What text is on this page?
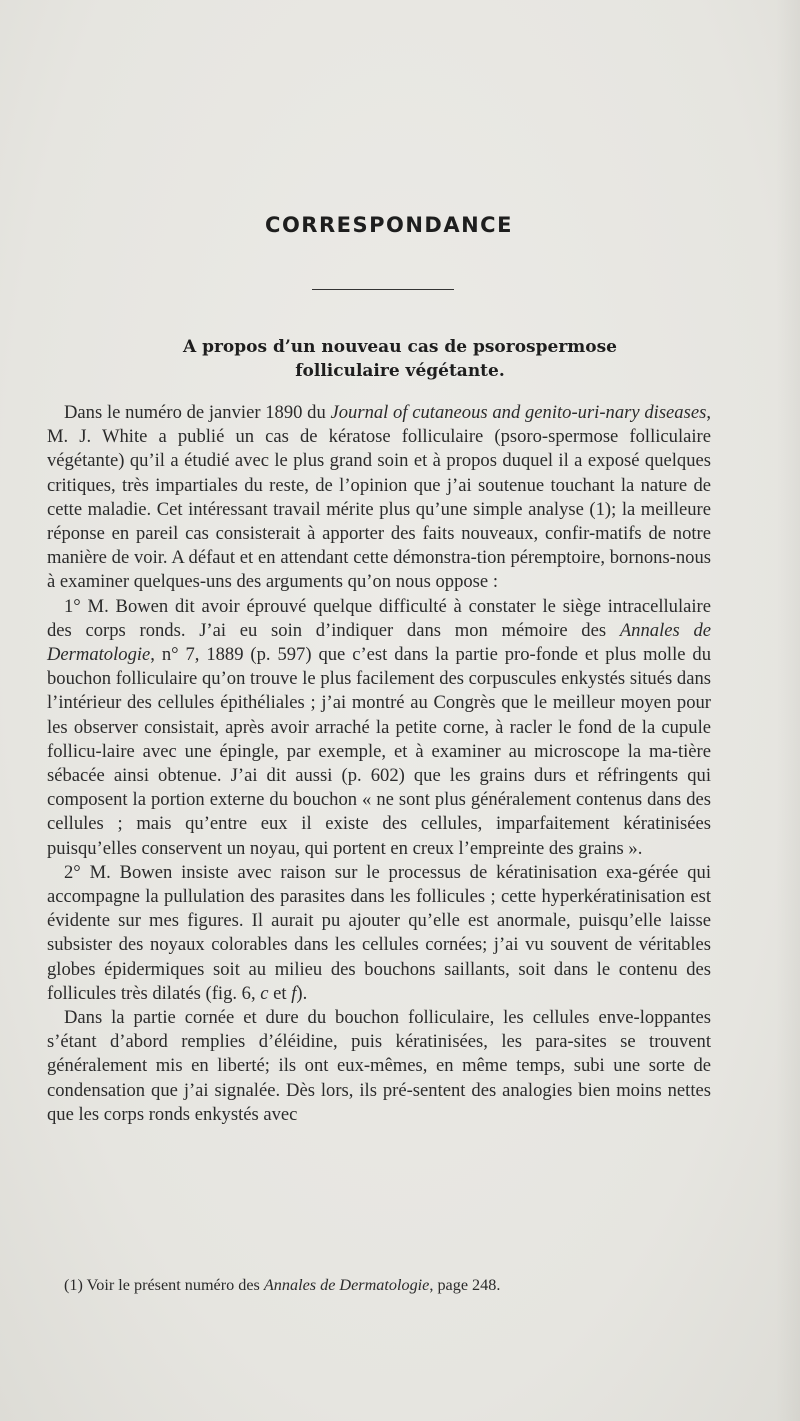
CORRESPONDANCE
A propos d’un nouveau cas de psorospermose
folliculaire végétante.

Dans le numéro de janvier 1890 du Journal of cutaneous and genito-uri-nary diseases, M. J. White a publié un cas de kératose folliculaire (psoro-spermose folliculaire végétante) qu’il a étudié avec le plus grand soin et à propos duquel il a exposé quelques critiques, très impartiales du reste, de l’opinion que j’ai soutenue touchant la nature de cette maladie. Cet intéressant travail mérite plus qu’une simple analyse (1); la meilleure réponse en pareil cas consisterait à apporter des faits nouveaux, confir-matifs de notre manière de voir. A défaut et en attendant cette démonstra-tion péremptoire, bornons-nous à examiner quelques-uns des arguments qu’on nous oppose :

1° M. Bowen dit avoir éprouvé quelque difficulté à constater le siège intracellulaire des corps ronds. J’ai eu soin d’indiquer dans mon mémoire des Annales de Dermatologie, n° 7, 1889 (p. 597) que c’est dans la partie pro-fonde et plus molle du bouchon folliculaire qu’on trouve le plus facilement des corpuscules enkystés situés dans l’intérieur des cellules épithéliales ; j’ai montré au Congrès que le meilleur moyen pour les observer consistait, après avoir arraché la petite corne, à racler le fond de la cupule follicu-laire avec une épingle, par exemple, et à examiner au microscope la ma-tière sébacée ainsi obtenue. J’ai dit aussi (p. 602) que les grains durs et réfringents qui composent la portion externe du bouchon « ne sont plus généralement contenus dans des cellules ; mais qu’entre eux il existe des cellules, imparfaitement kératinisées puisqu’elles conservent un noyau, qui portent en creux l’empreinte des grains ».

2° M. Bowen insiste avec raison sur le processus de kératinisation exa-gérée qui accompagne la pullulation des parasites dans les follicules ; cette hyperkératinisation est évidente sur mes figures. Il aurait pu ajouter qu’elle est anormale, puisqu’elle laisse subsister des noyaux colorables dans les cellules cornées; j’ai vu souvent de véritables globes épidermiques soit au milieu des bouchons saillants, soit dans le contenu des follicules très dilatés (fig. 6, c et f).

Dans la partie cornée et dure du bouchon folliculaire, les cellules enve-loppantes s’étant d’abord remplies d’éléidine, puis kératinisées, les para-sites se trouvent généralement mis en liberté; ils ont eux-mêmes, en même temps, subi une sorte de condensation que j’ai signalée. Dès lors, ils pré-sentent des analogies bien moins nettes que les corps ronds enkystés avec

(1) Voir le présent numéro des Annales de Dermatologie, page 248.
